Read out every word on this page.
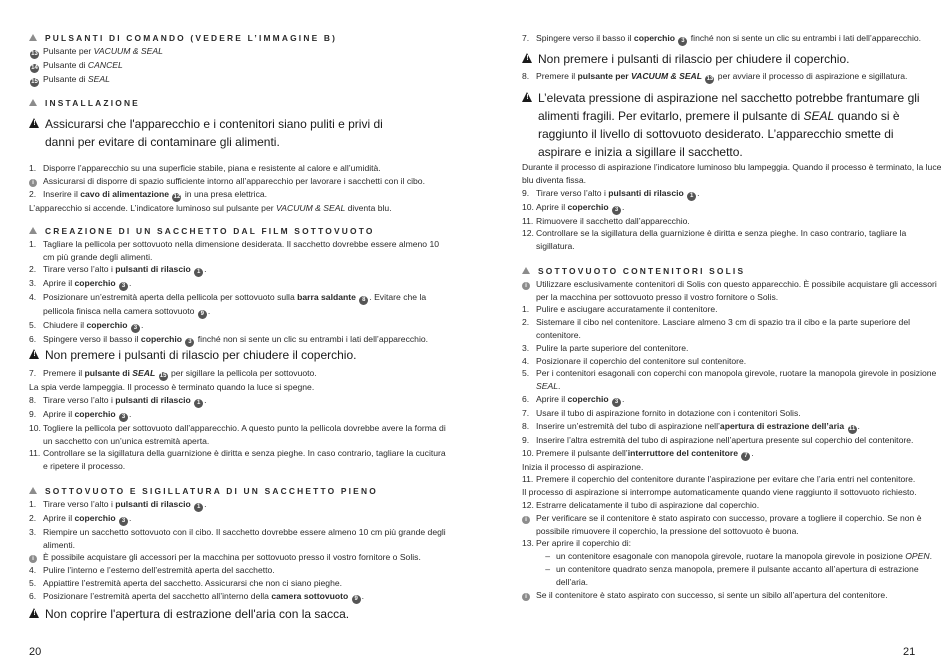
PULSANTI DI COMANDO (VEDERE L’IMMAGINE B)
13 Pulsante per VACUUM & SEAL
14 Pulsante di CANCEL
15 Pulsante di SEAL
INSTALLAZIONE
!
Assicurarsi che l'apparecchio e i contenitori siano puliti e privi di danni per evitare di contaminare gli alimenti.
1. Disporre l’apparecchio su una superficie stabile, piana e resistente al calore e all’umidità.
i	Assicurarsi di disporre di spazio sufficiente intorno all’apparecchio per lavorare i sacchetti con il cibo.
2. Inserire il cavo di alimentazione 12 in una presa elettrica.
L’apparecchio si accende. L’indicatore luminoso sul pulsante per VACUUM & SEAL diventa blu.
CREAZIONE DI UN SACCHETTO DAL FILM SOTTOVUOTO
1. Tagliare la pellicola per sottovuoto nella dimensione desiderata. Il sacchetto dovrebbe essere almeno 10 cm più grande degli alimenti.
2. Tirare verso l’alto i pulsanti di rilascio 1 .
3. Aprire il coperchio 3 .
4. Posizionare un’estremità aperta della pellicola per sottovuoto sulla barra saldante 8 . Evitare che la pellicola finisca nella camera sottovuoto 9 .
5. Chiudere il coperchio 3 .
6. Spingere verso il basso il coperchio 3 finché non si sente un clic su entrambi i lati dell’apparecchio.
!
Non premere i pulsanti di rilascio per chiudere il coperchio.
7. Premere il pulsante di SEAL 15 per sigillare la pellicola per sottovuoto.
La spia verde lampeggia. Il processo è terminato quando la luce si spegne.
8. Tirare verso l’alto i pulsanti di rilascio 1 .
9. Aprire il coperchio 3 .
10. Togliere la pellicola per sottovuoto dall’apparecchio. A questo punto la pellicola dovrebbe avere la forma di un sacchetto con un’unica estremità aperta.
11. Controllare se la sigillatura della guarnizione è diritta e senza pieghe. In caso contrario, tagliare la cucitura e ripetere il processo.
SOTTOVUOTO E SIGILLATURA DI UN SACCHETTO PIENO
1. Tirare verso l’alto i pulsanti di rilascio 1 .
2. Aprire il coperchio 3 .
3. Riempire un sacchetto sottovuoto con il cibo. Il sacchetto dovrebbe essere almeno 10 cm più grande degli alimenti.
i	È possibile acquistare gli accessori per la macchina per sottovuoto presso il vostro fornitore o Solis.
4. Pulire l’interno e l’esterno dell’estremità aperta del sacchetto.
5. Appiattire l’estremità aperta del sacchetto. Assicurarsi che non ci siano pieghe.
6. Posizionare l’estremità aperta del sacchetto all’interno della camera sottovuoto 9 .
!
Non coprire l'apertura di estrazione dell'aria con la sacca.
20
7. Spingere verso il basso il coperchio 3 finché non si sente un clic su entrambi i lati dell’apparecchio.
!
Non premere i pulsanti di rilascio per chiudere il coperchio.
8. Premere il pulsante per VACUUM & SEAL 13 per avviare il processo di aspirazione e sigillatura.
!
L’elevata pressione di aspirazione nel sacchetto potrebbe frantumare gli alimenti fragili. Per evitarlo, premere il pulsante di SEAL quando si è raggiunto il livello di sottovuoto desiderato. L’apparecchio smette di aspirare e inizia a sigillare il sacchetto.
Durante il processo di aspirazione l’indicatore luminoso blu lampeggia. Quando il processo è terminato, la luce blu diventa fissa.
9. Tirare verso l’alto i pulsanti di rilascio 1 .
10. Aprire il coperchio 3 .
11. Rimuovere il sacchetto dall’apparecchio.
12. Controllare se la sigillatura della guarnizione è diritta e senza pieghe. In caso contrario, tagliare la sigillatura.
SOTTOVUOTO CONTENITORI SOLIS
i	Utilizzare esclusivamente contenitori di Solis con questo apparecchio. È possibile acquistare gli accessori per la macchina per sottovuoto presso il vostro fornitore o Solis.
1. Pulire e asciugare accuratamente il contenitore.
2. Sistemare il cibo nel contenitore. Lasciare almeno 3 cm di spazio tra il cibo e la parte superiore del contenitore.
3. Pulire la parte superiore del contenitore.
4. Posizionare il coperchio del contenitore sul contenitore.
5. Per i contenitori esagonali con coperchi con manopola girevole, ruotare la manopola girevole in posizione SEAL.
6. Aprire il coperchio 3 .
7. Usare il tubo di aspirazione fornito in dotazione con i contenitori Solis.
8. Inserire un’estremità del tubo di aspirazione nell’apertura di estrazione dell’aria 11 .
9. Inserire l’altra estremità del tubo di aspirazione nell’apertura presente sul coperchio del contenitore.
10. Premere il pulsante dell’interruttore del contenitore 7 .
Inizia il processo di aspirazione.
11. Premere il coperchio del contenitore durante l’aspirazione per evitare che l’aria entri nel contenitore.
Il processo di aspirazione si interrompe automaticamente quando viene raggiunto il sottovuoto richiesto.
12. Estrarre delicatamente il tubo di aspirazione dal coperchio.
i	Per verificare se il contenitore è stato aspirato con successo, provare a togliere il coperchio. Se non è possibile rimuovere il coperchio, la pressione del sottovuoto è buona.
13. Per aprire il coperchio di:
– un contenitore esagonale con manopola girevole, ruotare la manopola girevole in posizione OPEN.
– un contenitore quadrato senza manopola, premere il pulsante accanto all’apertura di estrazione dell’aria.
i	Se il contenitore è stato aspirato con successo, si sente un sibilo all’apertura del contenitore.
21
